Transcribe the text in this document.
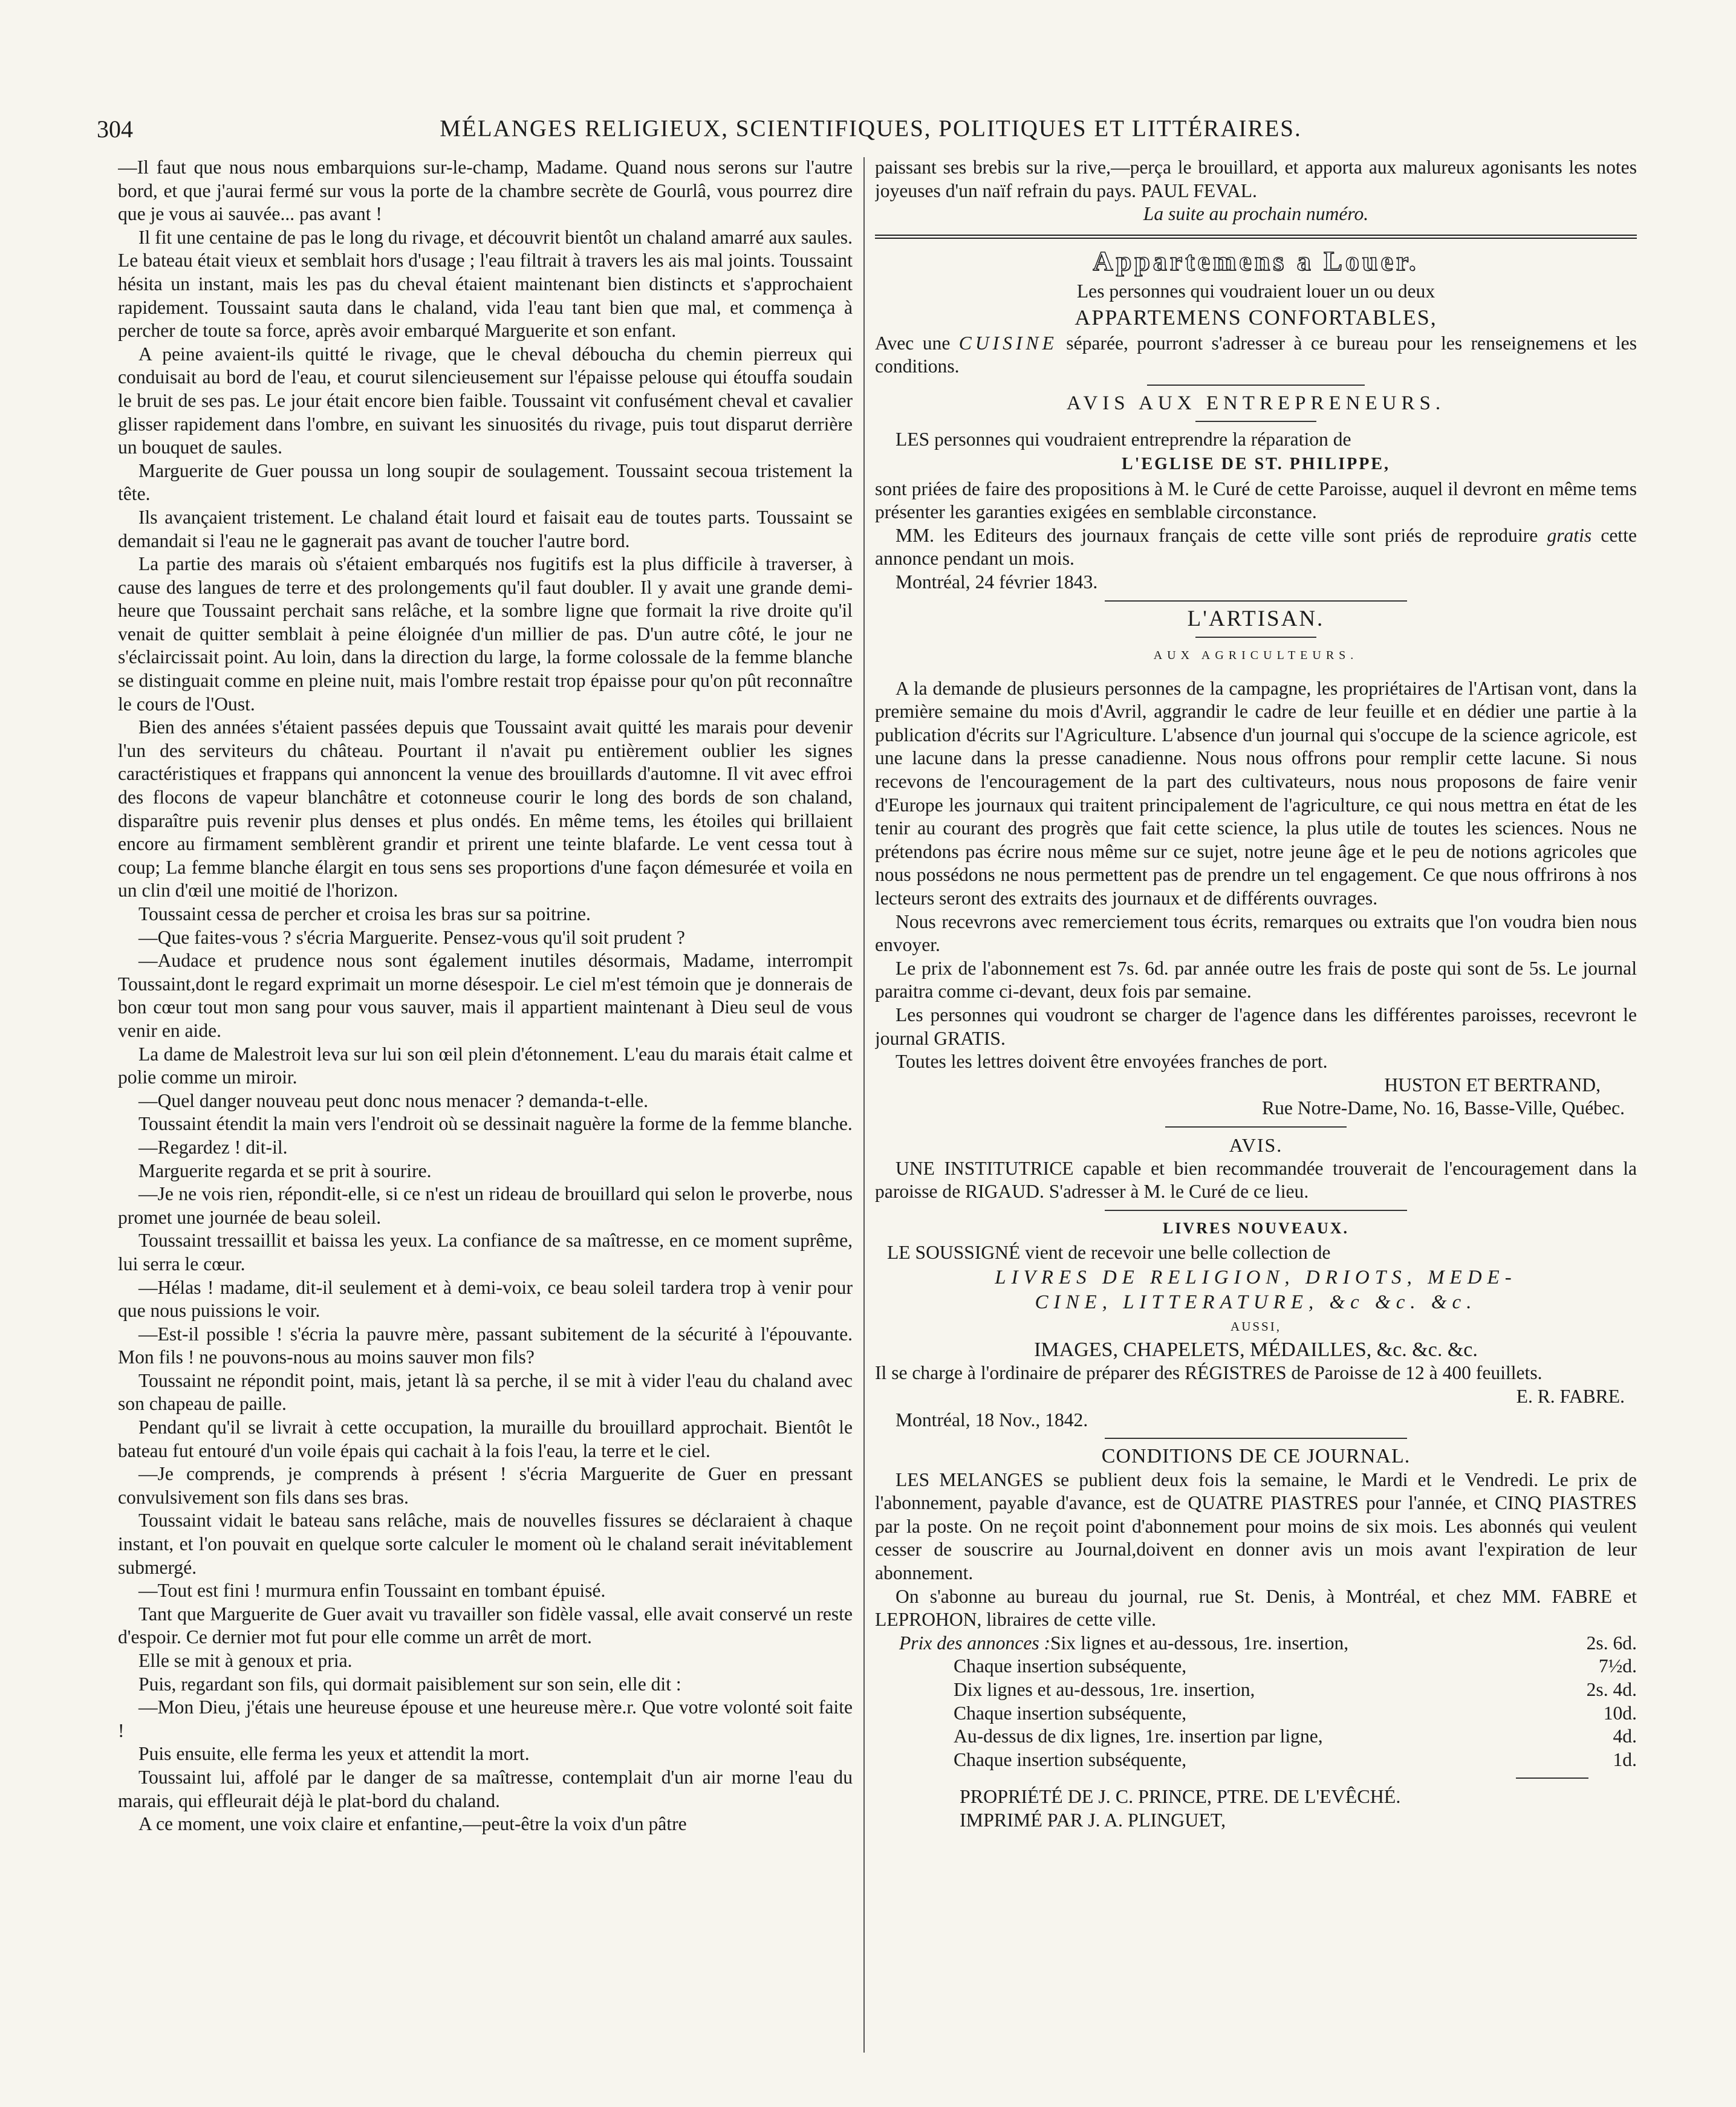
304	MÉLANGES RELIGIEUX, SCIENTIFIQUES, POLITIQUES ET LITTÉRAIRES.

—Il faut que nous nous embarquions sur-le-champ, Madame. Quand nous serons sur l'autre bord, et que j'aurai fermé sur vous la porte de la chambre secrète de Gourlâ, vous pourrez dire que je vous ai sauvée... pas avant !

Il fit une centaine de pas le long du rivage, et découvrit bientôt un chaland amarré aux saules. Le bateau était vieux et semblait hors d'usage ; l'eau filtrait à travers les ais mal joints. Toussaint hésita un instant, mais les pas du cheval étaient maintenant bien distincts et s'approchaient rapidement. Toussaint sauta dans le chaland, vida l'eau tant bien que mal, et commença à percher de toute sa force, après avoir embarqué Marguerite et son enfant.

A peine avaient-ils quitté le rivage, que le cheval déboucha du chemin pierreux qui conduisait au bord de l'eau, et courut silencieusement sur l'épaisse pelouse qui étouffa soudain le bruit de ses pas. Le jour était encore bien faible. Toussaint vit confusément cheval et cavalier glisser rapidement dans l'ombre, en suivant les sinuosités du rivage, puis tout disparut derrière un bouquet de saules.

Marguerite de Guer poussa un long soupir de soulagement. Toussaint secoua tristement la tête.

Ils avançaient tristement. Le chaland était lourd et faisait eau de toutes parts. Toussaint se demandait si l'eau ne le gagnerait pas avant de toucher l'autre bord.

La partie des marais où s'étaient embarqués nos fugitifs est la plus difficile à traverser, à cause des langues de terre et des prolongements qu'il faut doubler. Il y avait une grande demi-heure que Toussaint perchait sans relâche, et la sombre ligne que formait la rive droite qu'il venait de quitter semblait à peine éloignée d'un millier de pas. D'un autre côté, le jour ne s'éclaircissait point. Au loin, dans la direction du large, la forme colossale de la femme blanche se distinguait comme en pleine nuit, mais l'ombre restait trop épaisse pour qu'on pût reconnaître le cours de l'Oust.

Bien des années s'étaient passées depuis que Toussaint avait quitté les marais pour devenir l'un des serviteurs du château. Pourtant il n'avait pu entièrement oublier les signes caractéristiques et frappans qui annoncent la venue des brouillards d'automne. Il vit avec effroi des flocons de vapeur blanchâtre et cotonneuse courir le long des bords de son chaland, disparaître puis revenir plus denses et plus ondés. En même tems, les étoiles qui brillaient encore au firmament semblèrent grandir et prirent une teinte blafarde. Le vent cessa tout à coup; La femme blanche élargit en tous sens ses proportions d'une façon démesurée et voila en un clin d'œil une moitié de l'horizon.

Toussaint cessa de percher et croisa les bras sur sa poitrine.

—Que faites-vous ? s'écria Marguerite. Pensez-vous qu'il soit prudent ?

—Audace et prudence nous sont également inutiles désormais, Madame, interrompit Toussaint,dont le regard exprimait un morne désespoir. Le ciel m'est témoin que je donnerais de bon cœur tout mon sang pour vous sauver, mais il appartient maintenant à Dieu seul de vous venir en aide.

La dame de Malestroit leva sur lui son œil plein d'étonnement. L'eau du marais était calme et polie comme un miroir.

—Quel danger nouveau peut donc nous menacer ? demanda-t-elle.

Toussaint étendit la main vers l'endroit où se dessinait naguère la forme de la femme blanche.

—Regardez ! dit-il.

Marguerite regarda et se prit à sourire.

—Je ne vois rien, répondit-elle, si ce n'est un rideau de brouillard qui selon le proverbe, nous promet une journée de beau soleil.

Toussaint tressaillit et baissa les yeux. La confiance de sa maîtresse, en ce moment suprême, lui serra le cœur.

—Hélas ! madame, dit-il seulement et à demi-voix, ce beau soleil tardera trop à venir pour que nous puissions le voir.

—Est-il possible ! s'écria la pauvre mère, passant subitement de la sécurité à l'épouvante. Mon fils ! ne pouvons-nous au moins sauver mon fils?

Toussaint ne répondit point, mais, jetant là sa perche, il se mit à vider l'eau du chaland avec son chapeau de paille.

Pendant qu'il se livrait à cette occupation, la muraille du brouillard approchait. Bientôt le bateau fut entouré d'un voile épais qui cachait à la fois l'eau, la terre et le ciel.

—Je comprends, je comprends à présent ! s'écria Marguerite de Guer en pressant convulsivement son fils dans ses bras.

Toussaint vidait le bateau sans relâche, mais de nouvelles fissures se déclaraient à chaque instant, et l'on pouvait en quelque sorte calculer le moment où le chaland serait inévitablement submergé.

—Tout est fini ! murmura enfin Toussaint en tombant épuisé.

Tant que Marguerite de Guer avait vu travailler son fidèle vassal, elle avait conservé un reste d'espoir. Ce dernier mot fut pour elle comme un arrêt de mort.

Elle se mit à genoux et pria.

Puis, regardant son fils, qui dormait paisiblement sur son sein, elle dit :

—Mon Dieu, j'étais une heureuse épouse et une heureuse mère.r. Que votre volonté soit faite !

Puis ensuite, elle ferma les yeux et attendit la mort.

Toussaint lui, affolé par le danger de sa maîtresse, contemplait d'un air morne l'eau du marais, qui effleurait déjà le plat-bord du chaland.

A ce moment, une voix claire et enfantine,—peut-être la voix d'un pâtre

paissant ses brebis sur la rive,—perça le brouillard, et apporta aux malureux agonisants les notes joyeuses d'un naïf refrain du pays. PAUL FEVAL.

La suite au prochain numéro.

Appartemens a Louer.

Les personnes qui voudraient louer un ou deux

APPARTEMENS CONFORTABLES,

Avec une CUISINE séparée, pourront s'adresser à ce bureau pour les renseignemens et les conditions.

AVIS AUX ENTREPRENEURS.

LES personnes qui voudraient entreprendre la réparation de

L'EGLISE DE ST. PHILIPPE,

sont priées de faire des propositions à M. le Curé de cette Paroisse, auquel il devront en même tems présenter les garanties exigées en semblable circonstance.

MM. les Editeurs des journaux français de cette ville sont priés de reproduire gratis cette annonce pendant un mois.

Montréal, 24 février 1843.

L'ARTISAN.
AUX AGRICULTEURS.

A la demande de plusieurs personnes de la campagne, les propriétaires de l'Artisan vont, dans la première semaine du mois d'Avril, aggrandir le cadre de leur feuille et en dédier une partie à la publication d'écrits sur l'Agriculture. L'absence d'un journal qui s'occupe de la science agricole, est une lacune dans la presse canadienne. Nous nous offrons pour remplir cette lacune. Si nous recevons de l'encouragement de la part des cultivateurs, nous nous proposons de faire venir d'Europe les journaux qui traitent principalement de l'agriculture, ce qui nous mettra en état de les tenir au courant des progrès que fait cette science, la plus utile de toutes les sciences. Nous ne prétendons pas écrire nous même sur ce sujet, notre jeune âge et le peu de notions agricoles que nous possédons ne nous permettent pas de prendre un tel engagement. Ce que nous offrirons à nos lecteurs seront des extraits des journaux et de différents ouvrages.

Nous recevrons avec remerciement tous écrits, remarques ou extraits que l'on voudra bien nous envoyer.

Le prix de l'abonnement est 7s. 6d. par année outre les frais de poste qui sont de 5s. Le journal paraitra comme ci-devant, deux fois par semaine.

Les personnes qui voudront se charger de l'agence dans les différentes paroisses, recevront le journal GRATIS.

Toutes les lettres doivent être envoyées franches de port.

HUSTON ET BERTRAND,

Rue Notre-Dame, No. 16, Basse-Ville, Québec.

AVIS.

UNE INSTITUTRICE capable et bien recommandée trouverait de l'encouragement dans la paroisse de RIGAUD. S'adresser à M. le Curé de ce lieu.

LIVRES NOUVEAUX.

LE SOUSSIGNÉ vient de recevoir une belle collection de

LIVRES DE RELIGION, DRIOTS, MEDE-
CINE, LITTERATURE, &c &c. &c.
AUSSI,
IMAGES, CHAPELETS, MÉDAILLES, &c. &c. &c.

Il se charge à l'ordinaire de préparer des RÉGISTRES de Paroisse de 12 à 400 feuillets.

E. R. FABRE.

Montréal, 18 Nov., 1842.

CONDITIONS DE CE JOURNAL.

LES MELANGES se publient deux fois la semaine, le Mardi et le Vendredi. Le prix de l'abonnement, payable d'avance, est de QUATRE PIASTRES pour l'année, et CINQ PIASTRES par la poste. On ne reçoit point d'abonnement pour moins de six mois. Les abonnés qui veulent cesser de souscrire au Journal,doivent en donner avis un mois avant l'expiration de leur abonnement.

On s'abonne au bureau du journal, rue St. Denis, à Montréal, et chez MM. FABRE et LEPROHON, libraires de cette ville.

Prix des annonces :Six lignes et au-dessous, 1re. insertion,	2s. 6d.
Chaque insertion subséquente,	7½d.
Dix lignes et au-dessous, 1re. insertion,	2s. 4d.
Chaque insertion subséquente,	10d.
Au-dessus de dix lignes, 1re. insertion par ligne,	4d.
Chaque insertion subséquente,	1d.
PROPRIÉTÉ DE J. C. PRINCE, PTRE. DE L'EVÊCHÉ.
IMPRIMÉ PAR J. A. PLINGUET,
